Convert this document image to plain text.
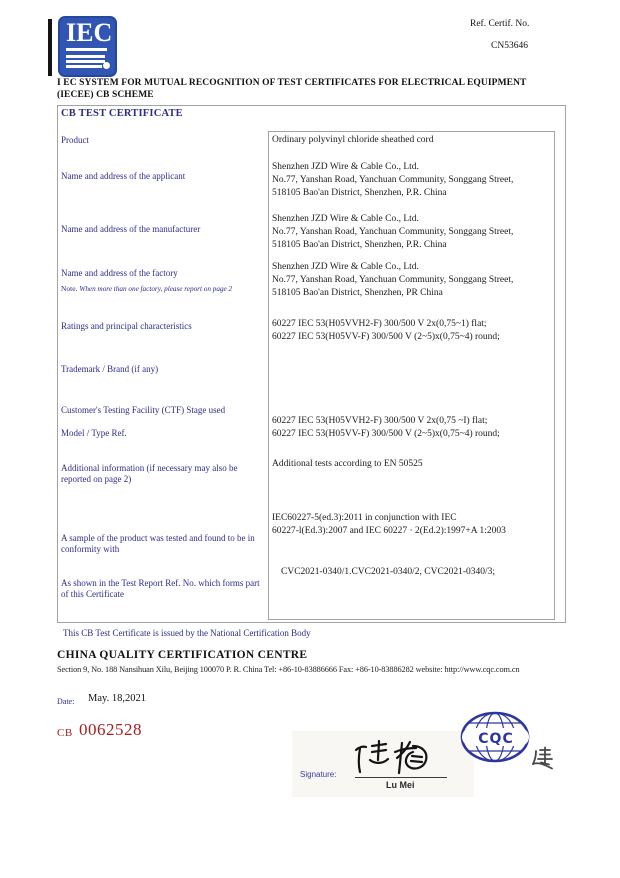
IEC	Ref. Certif. No.
CN53646
I EC SYSTEM FOR MUTUAL RECOGNITION OF TEST CERTIFICATES FOR ELECTRICAL EQUIPMENT
(IECEE) CB SCHEME
CB TEST CERTIFICATE
Product
Name and address of the applicant
Name and address of the manufacturer
Name and address of the factory
Note. When more than one factory, please report on page 2
Ratings and principal characteristics
Trademark / Brand (if any)
Customer's Testing Facility (CTF) Stage used
Model / Type Ref.
Additional information (if necessary may also be reported on page 2)
A sample of the product was tested and found to be in conformity with
As shown in the Test Report Ref. No. which forms part of this Certificate
Ordinary polyvinyl chloride sheathed cord
Shenzhen JZD Wire & Cable Co., Ltd.
No.77, Yanshan Road, Yanchuan Community, Songgang Street,
518105 Bao'an District, Shenzhen, P.R. China
Shenzhen JZD Wire & Cable Co., Ltd.
No.77, Yanshan Road, Yanchuan Community, Songgang Street,
518105 Bao'an District, Shenzhen, P.R. China
Shenzhen JZD Wire & Cable Co., Ltd.
No.77, Yanshan Road, Yanchuan Community, Songgang Street,
518105 Bao'an District, Shenzhen, PR China
60227 IEC 53(H05VVH2-F) 300/500 V 2x(0,75~1) flat;
60227 IEC 53(H05VV-F) 300/500 V (2~5)x(0,75~4) round;
60227 IEC 53(H05VVH2-F) 300/500 V 2x(0,75 ~I) flat;
60227 IEC 53(H05VV-F) 300/500 V (2~5)x(0,75~4) round;
Additional tests according to EN 50525
IEC60227-5(ed.3):2011 in conjunction with IEC
60227-l(Ed.3):2007 and IEC 60227 · 2(Ed.2):1997+A 1:2003
CVC2021-0340/1.CVC2021-0340/2, CVC2021-0340/3;
This CB Test Certificate is issued by the National Certification Body
CHINA QUALITY CERTIFICATION CENTRE
Section 9, No. 188 Nansihuan Xilu, Beijing 100070 P. R. China Tel: +86-10-83886666 Fax: +86-10-83886282 website: http://www.cqc.com.cn
Date: May. 18,2021
CB 0062528
Signature:
Lu Mei
CQC
